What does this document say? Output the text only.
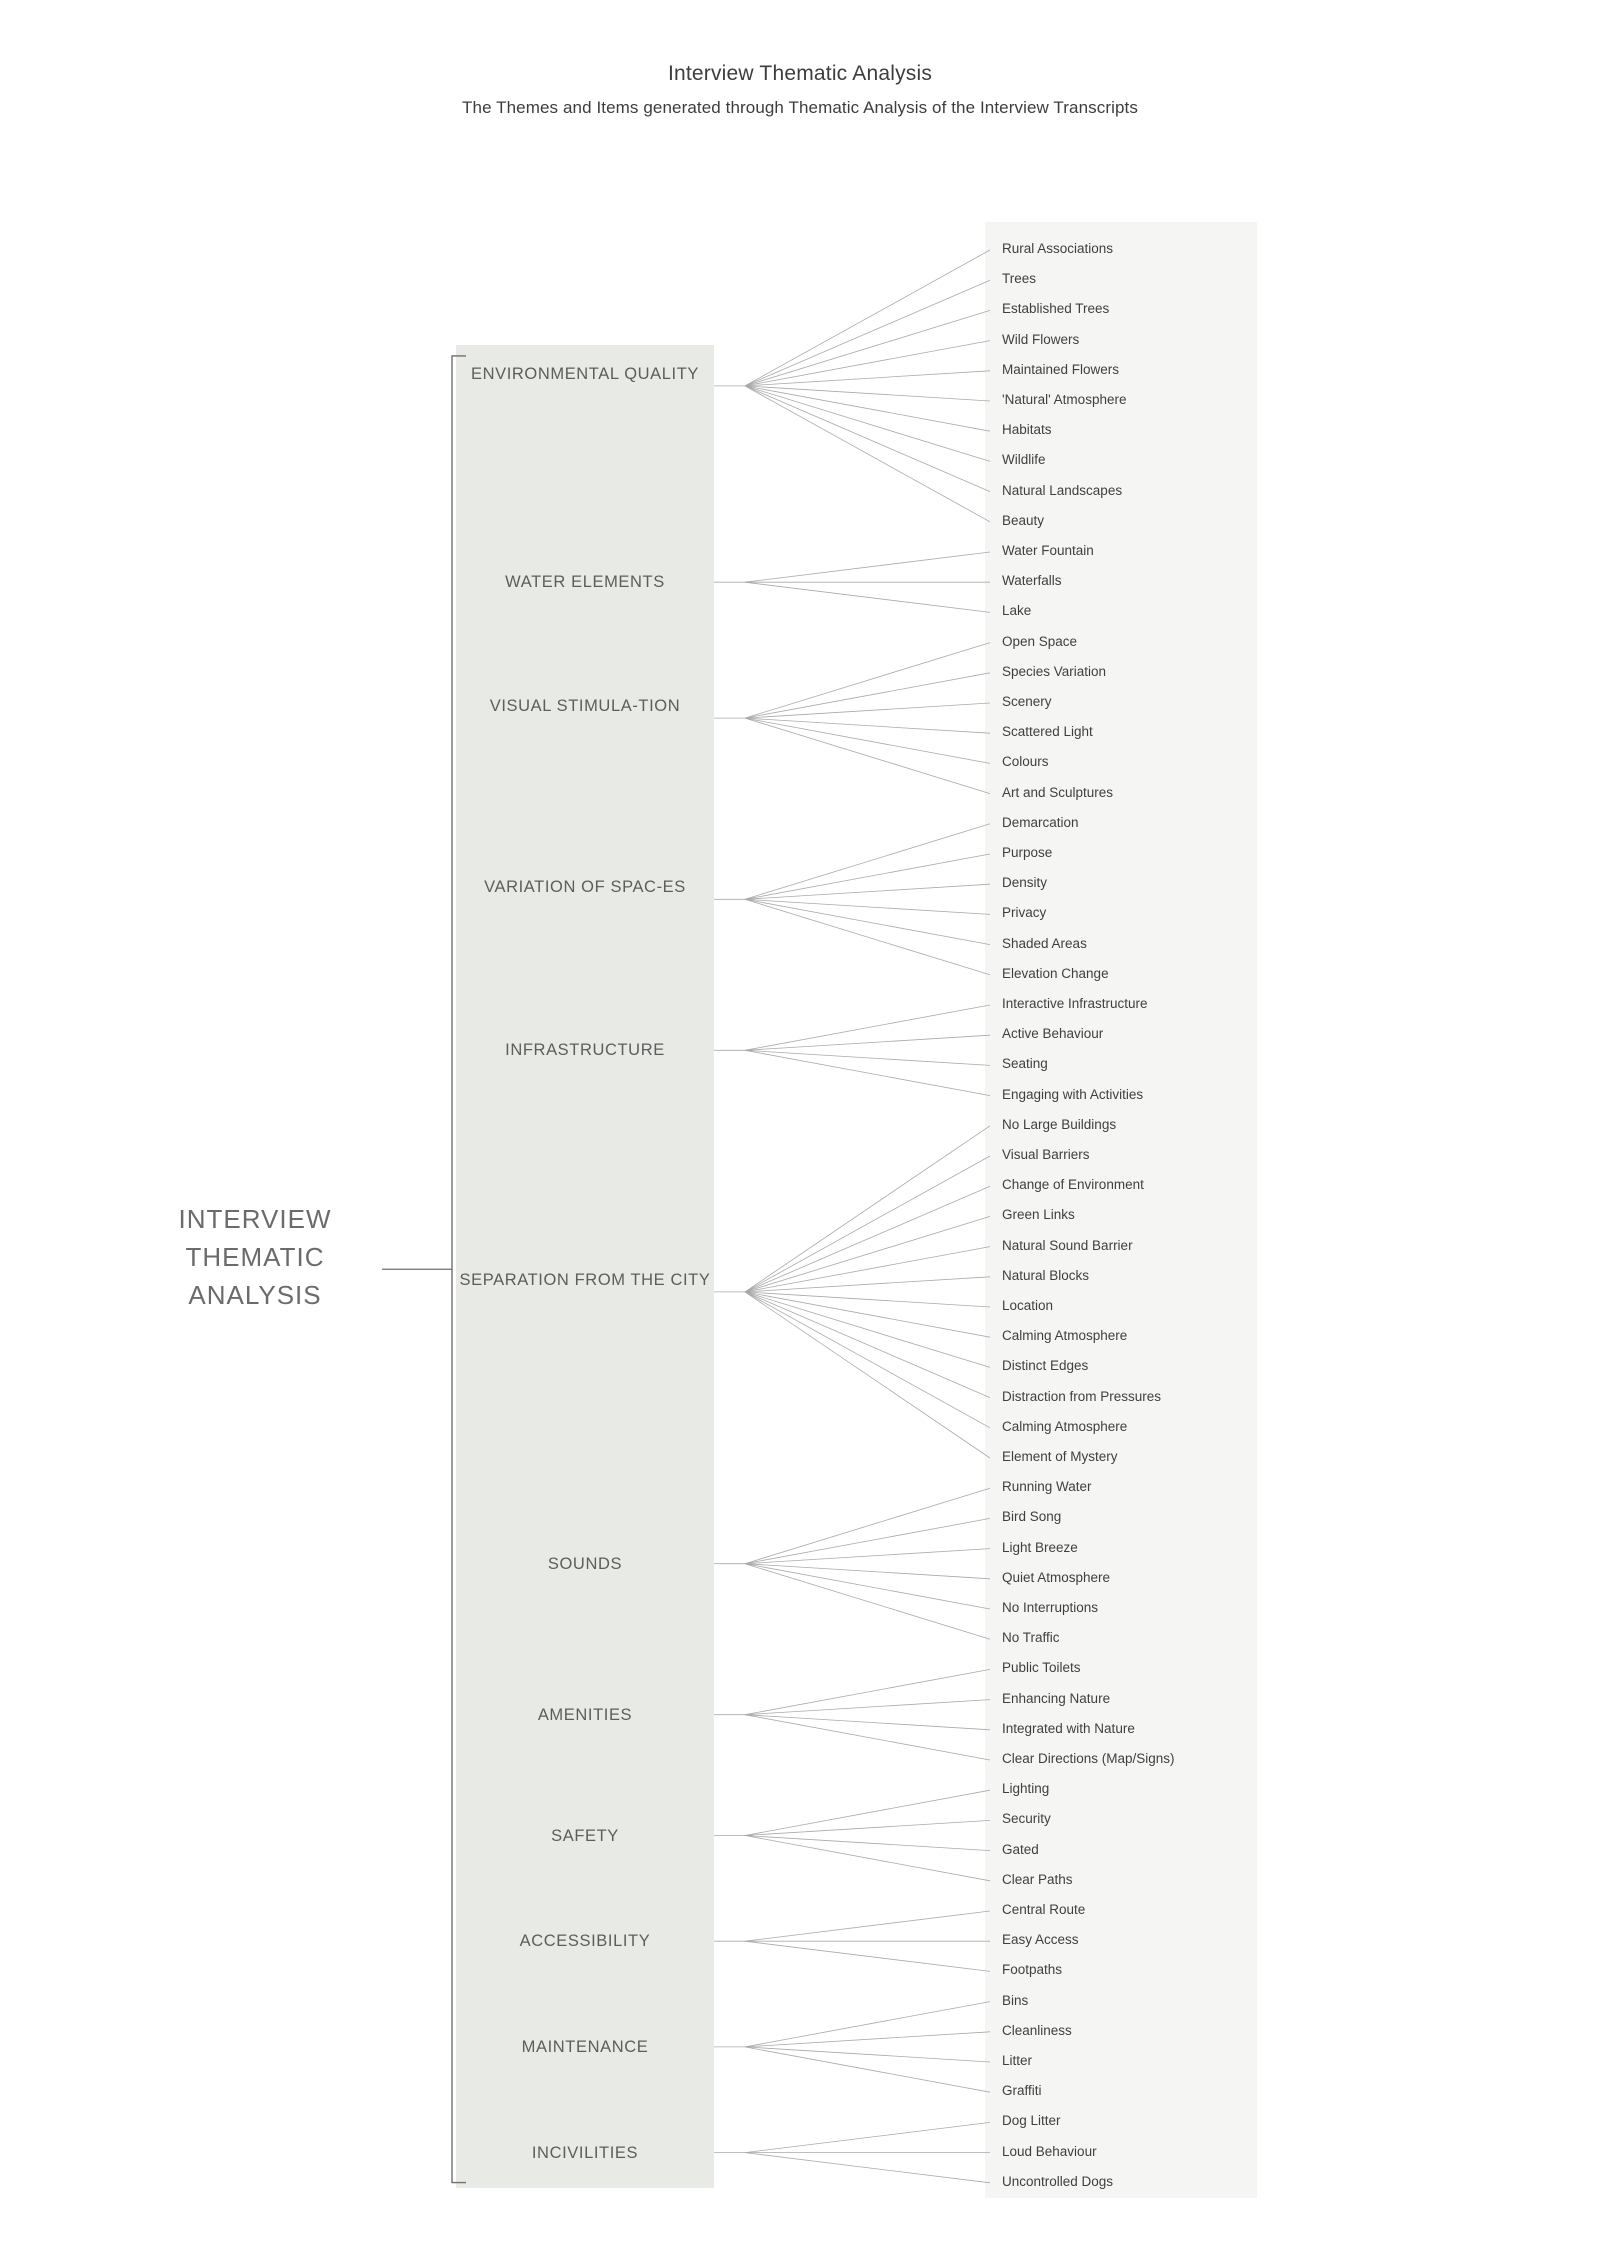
Interview Thematic Analysis
The Themes and Items generated through Thematic Analysis of the Interview Transcripts
INTERVIEW
THEMATIC
ANALYSIS
ENVIRONMENTAL QUALITY
WATER ELEMENTS
VISUAL STIMULA-​TION
VARIATION OF SPAC-​ES
INFRASTRUCTURE
SEPARATION FROM THE CITY
SOUNDS
AMENITIES
SAFETY
ACCESSIBILITY
MAINTENANCE
INCIVILITIES
Rural Associations
Trees
Established Trees
Wild Flowers
Maintained Flowers
'Natural' Atmosphere
Habitats
Wildlife
Natural Landscapes
Beauty
Water Fountain
Waterfalls
Lake
Open Space
Species Variation
Scenery
Scattered Light
Colours
Art and Sculptures
Demarcation
Purpose
Density
Privacy
Shaded Areas
Elevation Change
Interactive Infrastructure
Active Behaviour
Seating
Engaging with Activities
No Large Buildings
Visual Barriers
Change of Environment
Green Links
Natural Sound Barrier
Natural Blocks
Location
Calming Atmosphere
Distinct Edges
Distraction from Pressures
Calming Atmosphere
Element of Mystery
Running Water
Bird Song
Light Breeze
Quiet Atmosphere
No Interruptions
No Traffic
Public Toilets
Enhancing Nature
Integrated with Nature
Clear Directions (Map/Signs)
Lighting
Security
Gated
Clear Paths
Central Route
Easy Access
Footpaths
Bins
Cleanliness
Litter
Graffiti
Dog Litter
Loud Behaviour
Uncontrolled Dogs
